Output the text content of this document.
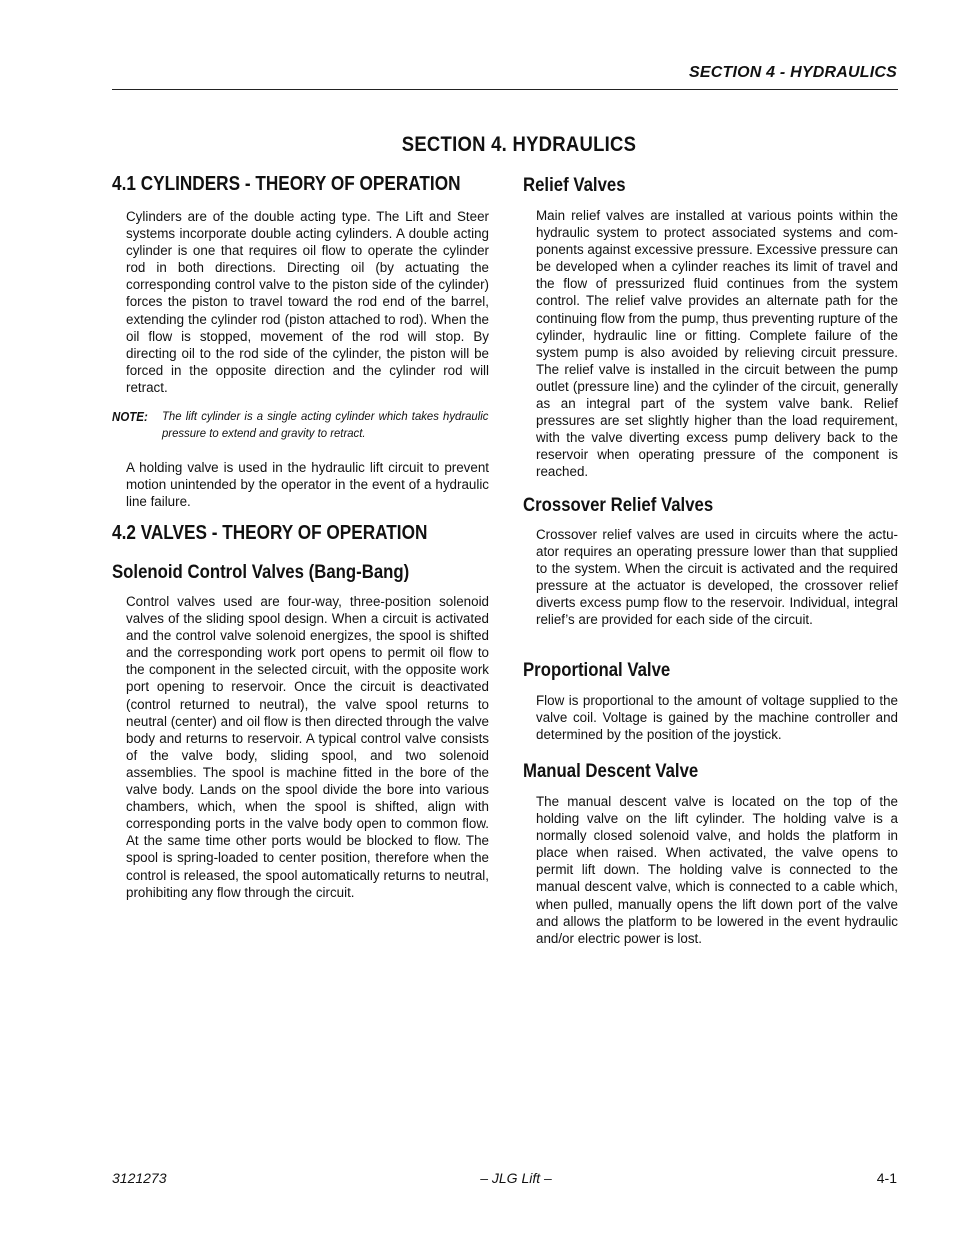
SECTION 4 - HYDRAULICS
SECTION 4. HYDRAULICS
4.1 CYLINDERS - THEORY OF OPERATION

Cylinders are of the double acting type. The Lift and Steer systems incorporate double acting cylinders. A double acting cylinder is one that requires oil flow to operate the cylinder rod in both directions. Directing oil (by actuating the corresponding control valve to the piston side of the cylinder) forces the piston to travel toward the rod end of the barrel, extending the cylinder rod (piston attached to rod). When the oil flow is stopped, movement of the rod will stop. By directing oil to the rod side of the cylinder, the piston will be forced in the opposite direction and the cylinder rod will retract.

NOTE: The lift cylinder is a single acting cylinder which takes hydraulic pressure to extend and gravity to retract.

A holding valve is used in the hydraulic lift circuit to prevent motion unintended by the operator in the event of a hydraulic line failure.

4.2 VALVES - THEORY OF OPERATION
Solenoid Control Valves (Bang-Bang)

Control valves used are four-way, three-position solenoid valves of the sliding spool design. When a circuit is activated and the control valve solenoid energizes, the spool is shifted and the corresponding work port opens to permit oil flow to the component in the selected circuit, with the opposite work port opening to reservoir. Once the circuit is deactivated (control returned to neutral), the valve spool returns to neutral (center) and oil flow is then directed through the valve body and returns to reservoir. A typical control valve consists of the valve body, sliding spool, and two solenoid assemblies. The spool is machine fitted in the bore of the valve body. Lands on the spool divide the bore into various chambers, which, when the spool is shifted, align with corresponding ports in the valve body open to common flow. At the same time other ports would be blocked to flow. The spool is spring-loaded to center position, therefore when the control is released, the spool automatically returns to neutral, prohibiting any flow through the circuit.

Relief Valves

Main relief valves are installed at various points within the hydraulic system to protect associated systems and components against excessive pressure. Excessive pressure can be developed when a cylinder reaches its limit of travel and the flow of pressurized fluid continues from the system control. The relief valve provides an alternate path for the continuing flow from the pump, thus preventing rupture of the cylinder, hydraulic line or fitting. Complete failure of the system pump is also avoided by relieving circuit pressure. The relief valve is installed in the circuit between the pump outlet (pressure line) and the cylinder of the circuit, generally as an integral part of the system valve bank. Relief pressures are set slightly higher than the load requirement, with the valve diverting excess pump delivery back to the reservoir when operating pressure of the component is reached.

Crossover Relief Valves

Crossover relief valves are used in circuits where the actuator requires an operating pressure lower than that supplied to the system. When the circuit is activated and the required pressure at the actuator is developed, the crossover relief diverts excess pump flow to the reservoir. Individual, integral relief’s are provided for each side of the circuit.

Proportional Valve

Flow is proportional to the amount of voltage supplied to the valve coil. Voltage is gained by the machine controller and determined by the position of the joystick.

Manual Descent Valve

The manual descent valve is located on the top of the holding valve on the lift cylinder. The holding valve is a normally closed solenoid valve, and holds the platform in place when raised. When activated, the valve opens to permit lift down. The holding valve is connected to the manual descent valve, which is connected to a cable which, when pulled, manually opens the lift down port of the valve and allows the platform to be lowered in the event hydraulic and/or electric power is lost.

3121273	– JLG Lift –	4-1
